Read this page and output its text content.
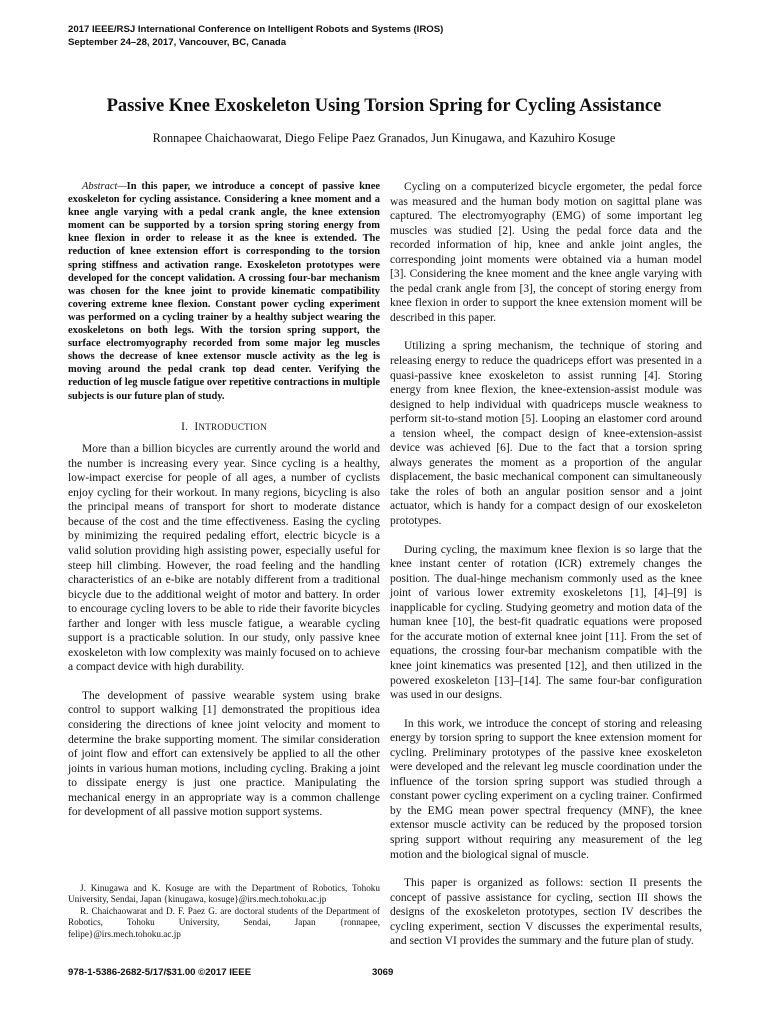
2017 IEEE/RSJ International Conference on Intelligent Robots and Systems (IROS)
September 24–28, 2017, Vancouver, BC, Canada
Passive Knee Exoskeleton Using Torsion Spring for Cycling Assistance
Ronnapee Chaichaowarat, Diego Felipe Paez Granados, Jun Kinugawa, and Kazuhiro Kosuge

Abstract—In this paper, we introduce a concept of passive knee exoskeleton for cycling assistance. Considering a knee moment and a knee angle varying with a pedal crank angle, the knee extension moment can be supported by a torsion spring storing energy from knee flexion in order to release it as the knee is extended. The reduction of knee extension effort is corresponding to the torsion spring stiffness and activation range. Exoskeleton prototypes were developed for the concept validation. A crossing four-bar mechanism was chosen for the knee joint to provide kinematic compatibility covering extreme knee flexion. Constant power cycling experiment was performed on a cycling trainer by a healthy subject wearing the exoskeletons on both legs. With the torsion spring support, the surface electromyography recorded from some major leg muscles shows the decrease of knee extensor muscle activity as the leg is moving around the pedal crank top dead center. Verifying the reduction of leg muscle fatigue over repetitive contractions in multiple subjects is our future plan of study.

I. INTRODUCTION

More than a billion bicycles are currently around the world and the number is increasing every year. Since cycling is a healthy, low-impact exercise for people of all ages, a number of cyclists enjoy cycling for their workout. In many regions, bicycling is also the principal means of transport for short to moderate distance because of the cost and the time effectiveness. Easing the cycling by minimizing the required pedaling effort, electric bicycle is a valid solution providing high assisting power, especially useful for steep hill climbing. However, the road feeling and the handling characteristics of an e-bike are notably different from a traditional bicycle due to the additional weight of motor and battery. In order to encourage cycling lovers to be able to ride their favorite bicycles farther and longer with less muscle fatigue, a wearable cycling support is a practicable solution. In our study, only passive knee exoskeleton with low complexity was mainly focused on to achieve a compact device with high durability.

The development of passive wearable system using brake control to support walking [1] demonstrated the propitious idea considering the directions of knee joint velocity and moment to determine the brake supporting moment. The similar consideration of joint flow and effort can extensively be applied to all the other joints in various human motions, including cycling. Braking a joint to dissipate energy is just one practice. Manipulating the mechanical energy in an appropriate way is a common challenge for development of all passive motion support systems.

J. Kinugawa and K. Kosuge are with the Department of Robotics, Tohoku University, Sendai, Japan {kinugawa, kosuge}@irs.mech.tohoku.ac.jp

R. Chaichaowarat and D. F. Paez G. are doctoral students of the Department of Robotics, Tohoku University, Sendai, Japan {ronnapee, felipe}@irs.mech.tohoku.ac.jp

Cycling on a computerized bicycle ergometer, the pedal force was measured and the human body motion on sagittal plane was captured. The electromyography (EMG) of some important leg muscles was studied [2]. Using the pedal force data and the recorded information of hip, knee and ankle joint angles, the corresponding joint moments were obtained via a human model [3]. Considering the knee moment and the knee angle varying with the pedal crank angle from [3], the concept of storing energy from knee flexion in order to support the knee extension moment will be described in this paper.

Utilizing a spring mechanism, the technique of storing and releasing energy to reduce the quadriceps effort was presented in a quasi-passive knee exoskeleton to assist running [4]. Storing energy from knee flexion, the knee-extension-assist module was designed to help individual with quadriceps muscle weakness to perform sit-to-stand motion [5]. Looping an elastomer cord around a tension wheel, the compact design of knee-extension-assist device was achieved [6]. Due to the fact that a torsion spring always generates the moment as a proportion of the angular displacement, the basic mechanical component can simultaneously take the roles of both an angular position sensor and a joint actuator, which is handy for a compact design of our exoskeleton prototypes.

During cycling, the maximum knee flexion is so large that the knee instant center of rotation (ICR) extremely changes the position. The dual-hinge mechanism commonly used as the knee joint of various lower extremity exoskeletons [1], [4]–[9] is inapplicable for cycling. Studying geometry and motion data of the human knee [10], the best-fit quadratic equations were proposed for the accurate motion of external knee joint [11]. From the set of equations, the crossing four-bar mechanism compatible with the knee joint kinematics was presented [12], and then utilized in the powered exoskeleton [13]–[14]. The same four-bar configuration was used in our designs.

In this work, we introduce the concept of storing and releasing energy by torsion spring to support the knee extension moment for cycling. Preliminary prototypes of the passive knee exoskeleton were developed and the relevant leg muscle coordination under the influence of the torsion spring support was studied through a constant power cycling experiment on a cycling trainer. Confirmed by the EMG mean power spectral frequency (MNF), the knee extensor muscle activity can be reduced by the proposed torsion spring support without requiring any measurement of the leg motion and the biological signal of muscle.

This paper is organized as follows: section II presents the concept of passive assistance for cycling, section III shows the designs of the exoskeleton prototypes, section IV describes the cycling experiment, section V discusses the experimental results, and section VI provides the summary and the future plan of study.

978-1-5386-2682-5/17/$31.00 ©2017 IEEE	3069
